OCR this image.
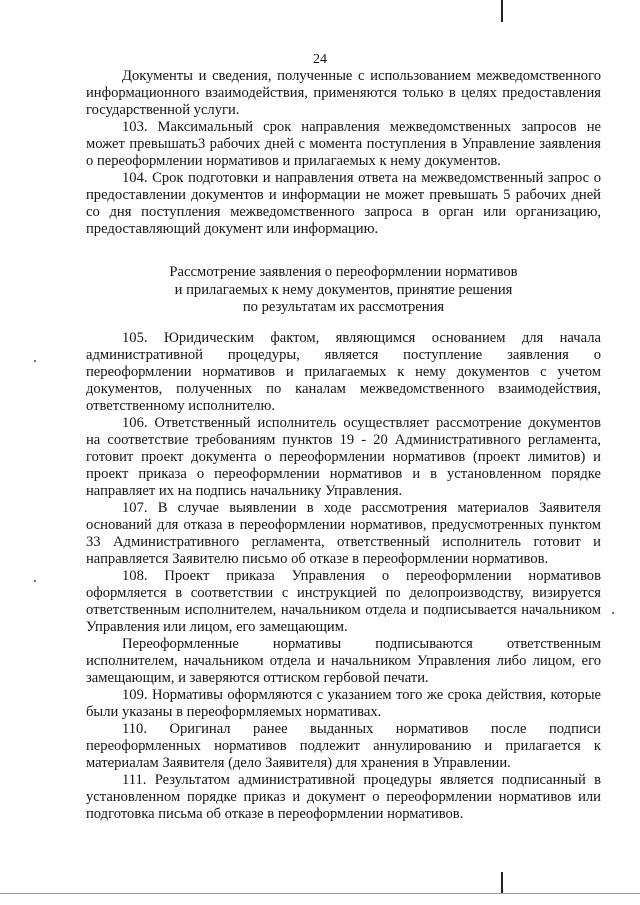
24

Документы и сведения, полученные с использованием межведомственного информационного взаимодействия, применяются только в целях предоставления государственной услуги.

103. Максимальный срок направления межведомственных запросов не может превышать3 рабочих дней с момента поступления в Управление заявления о переоформлении нормативов и прилагаемых к нему документов.

104. Срок подготовки и направления ответа на межведомственный запрос о предоставлении документов и информации не может превышать 5 рабочих дней со дня поступления межведомственного запроса в орган или организацию, предоставляющий документ или информацию.

Рассмотрение заявления о переоформлении нормативов
и прилагаемых к нему документов, принятие решения
по результатам их рассмотрения

105. Юридическим фактом, являющимся основанием для начала административной процедуры, является поступление заявления о переоформлении нормативов и прилагаемых к нему документов с учетом документов, полученных по каналам межведомственного взаимодействия, ответственному исполнителю.

106. Ответственный исполнитель осуществляет рассмотрение документов на соответствие требованиям пунктов 19 - 20 Административного регламента, готовит проект документа о переоформлении нормативов (проект лимитов) и проект приказа о переоформлении нормативов и в установленном порядке направляет их на подпись начальнику Управления.

107. В случае выявлении в ходе рассмотрения материалов Заявителя оснований для отказа в переоформлении нормативов, предусмотренных пунктом 33 Административного регламента, ответственный исполнитель готовит и направляется Заявителю письмо об отказе в переоформлении нормативов.

108. Проект приказа Управления о переоформлении нормативов оформляется в соответствии с инструкцией по делопроизводству, визируется ответственным исполнителем, начальником отдела и подписывается начальником Управления или лицом, его замещающим.

Переоформленные нормативы подписываются ответственным исполнителем, начальником отдела и начальником Управления либо лицом, его замещающим, и заверяются оттиском гербовой печати.

109. Нормативы оформляются с указанием того же срока действия, которые были указаны в переоформляемых нормативах.

110. Оригинал ранее выданных нормативов после подписи переоформленных нормативов подлежит аннулированию и прилагается к материалам Заявителя (дело Заявителя) для хранения в Управлении.

111. Результатом административной процедуры является подписанный в установленном порядке приказ и документ о переоформлении нормативов или подготовка письма об отказе в переоформлении нормативов.
